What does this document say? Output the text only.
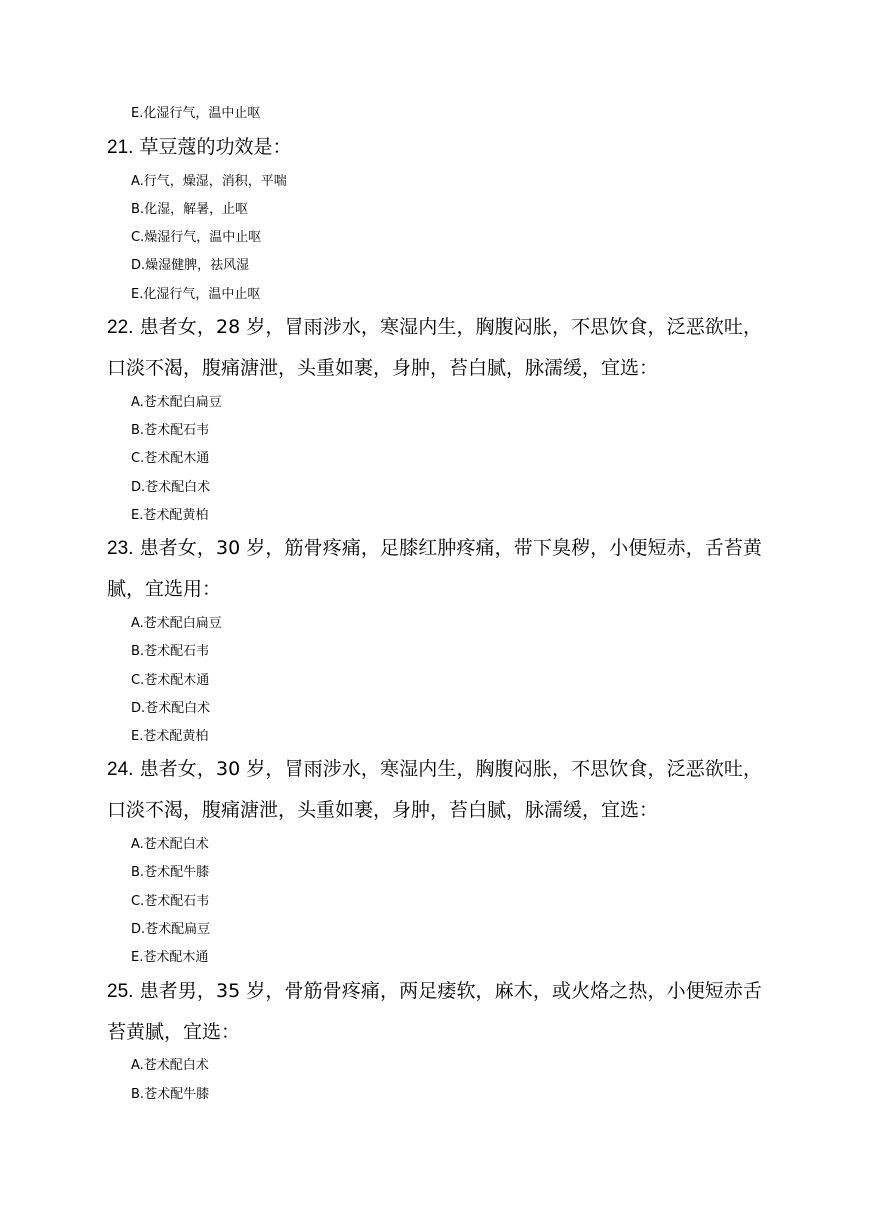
E.化湿行气，温中止呕
21. 草豆蔻的功效是：
A.行气，燥湿，消积，平喘
B.化湿，解暑，止呕
C.燥湿行气，温中止呕
D.燥湿健脾，祛风湿
E.化湿行气，温中止呕
22. 患者女，28 岁，冒雨涉水，寒湿内生，胸腹闷胀，不思饮食，泛恶欲吐，口淡不渴，腹痛溏泄，头重如裹，身肿，苔白腻，脉濡缓，宜选：
A.苍术配白扁豆
B.苍术配石韦
C.苍术配木通
D.苍术配白术
E.苍术配黄柏
23. 患者女，30 岁，筋骨疼痛，足膝红肿疼痛，带下臭秽，小便短赤，舌苔黄腻，宜选用：
A.苍术配白扁豆
B.苍术配石韦
C.苍术配木通
D.苍术配白术
E.苍术配黄柏
24. 患者女，30 岁，冒雨涉水，寒湿内生，胸腹闷胀，不思饮食，泛恶欲吐，口淡不渴，腹痛溏泄，头重如裹，身肿，苔白腻，脉濡缓，宜选：
A.苍术配白术
B.苍术配牛膝
C.苍术配石韦
D.苍术配扁豆
E.苍术配木通
25. 患者男，35 岁，骨筋骨疼痛，两足痿软，麻木，或火烙之热，小便短赤舌苔黄腻，宜选：
A.苍术配白术
B.苍术配牛膝
